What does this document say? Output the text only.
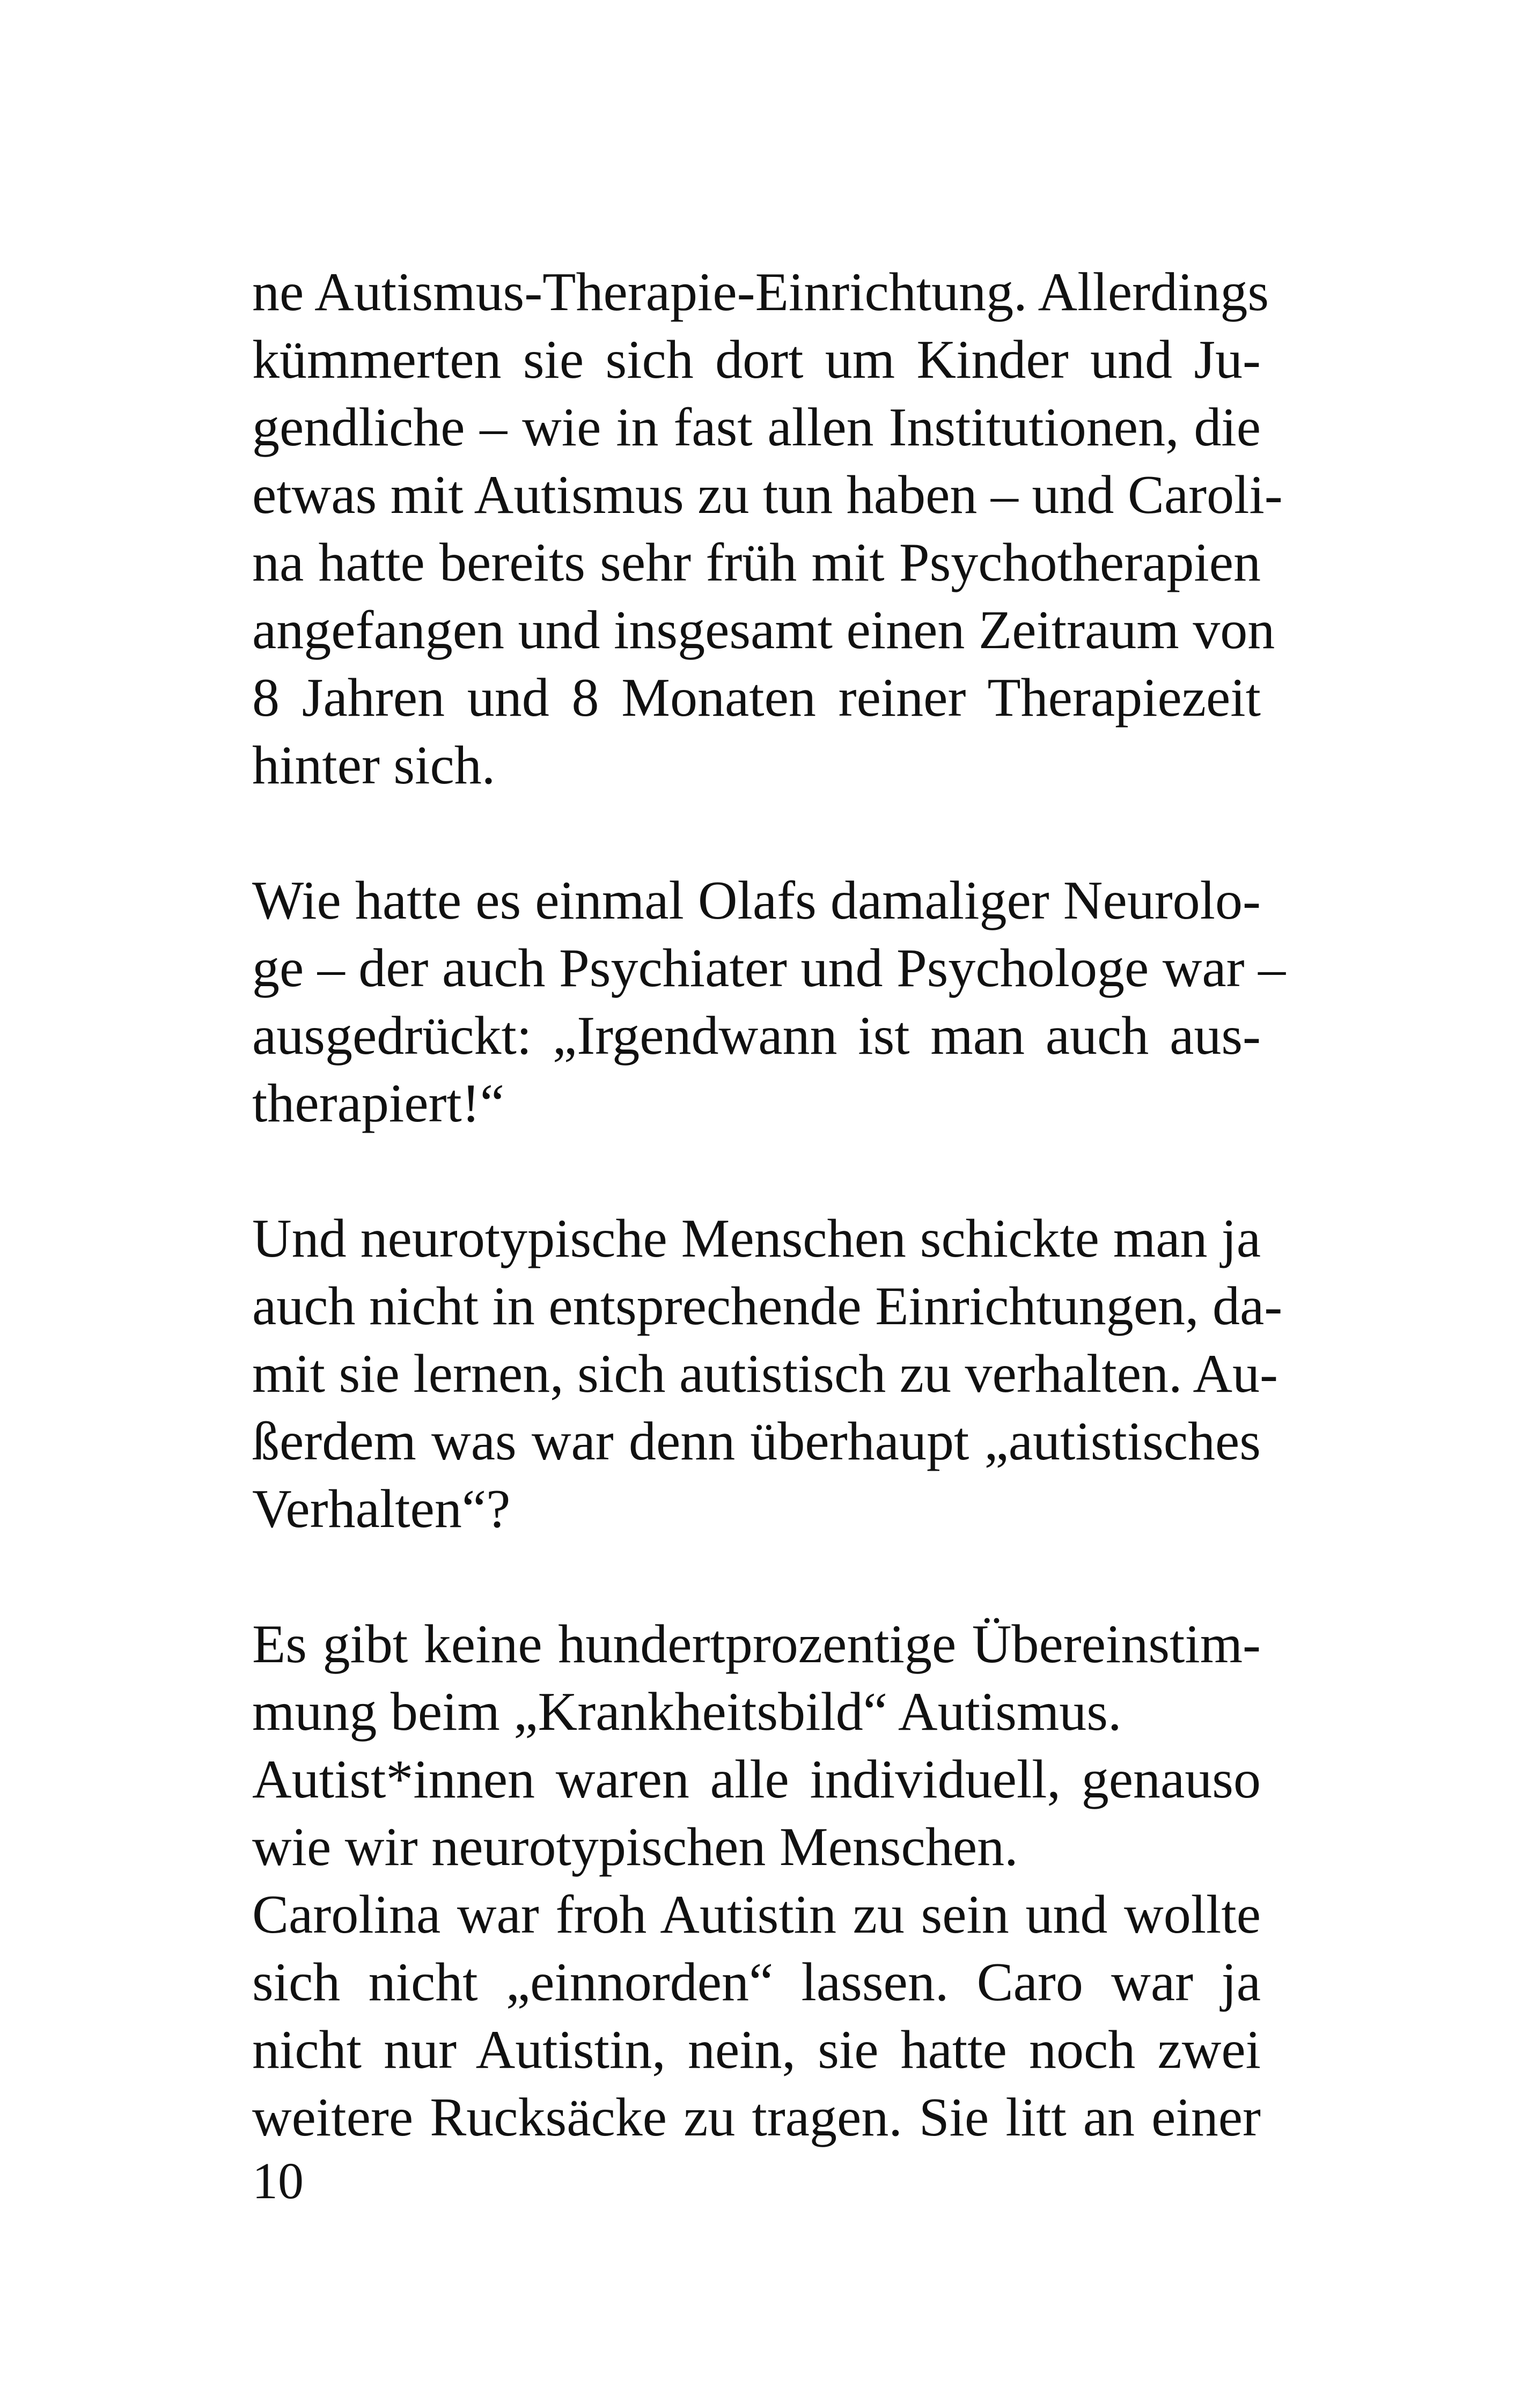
ne Autismus-Therapie-Einrichtung. Allerdings
kümmerten sie sich dort um Kinder und Ju-
gendliche – wie in fast allen Institutionen, die
etwas mit Autismus zu tun haben – und Caroli-
na hatte bereits sehr früh mit Psychotherapien
angefangen und insgesamt einen Zeitraum von
8 Jahren und 8 Monaten reiner Therapiezeit
hinter sich.
Wie hatte es einmal Olafs damaliger Neurolo-
ge – der auch Psychiater und Psychologe war –
ausgedrückt: „Irgendwann ist man auch aus-
therapiert!“
Und neurotypische Menschen schickte man ja
auch nicht in entsprechende Einrichtungen, da-
mit sie lernen, sich autistisch zu verhalten. Au-
ßerdem was war denn überhaupt „autistisches
Verhalten“?
Es gibt keine hundertprozentige Übereinstim-
mung beim „Krankheitsbild“ Autismus.
Autist*innen waren alle individuell, genauso
wie wir neurotypischen Menschen.
Carolina war froh Autistin zu sein und wollte
sich nicht „einnorden“ lassen. Caro war ja
nicht nur Autistin, nein, sie hatte noch zwei
weitere Rucksäcke zu tragen. Sie litt an einer
10
